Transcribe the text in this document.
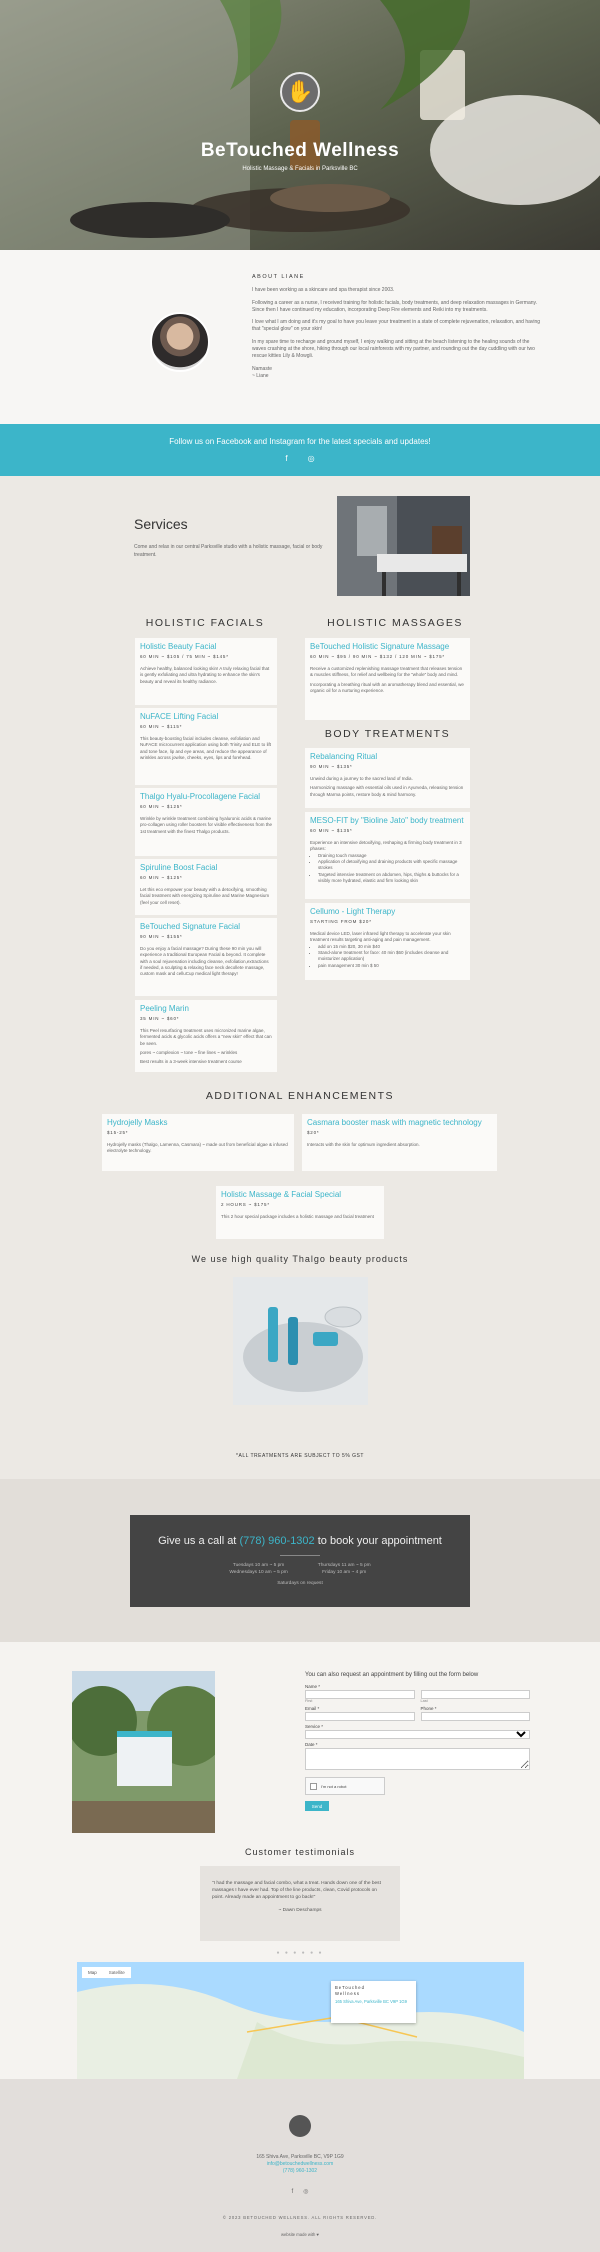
✋
BeTouched Wellness
Holistic Massage & Facials in Parksville BC
ABOUT LIANE

I have been working as a skincare and spa therapist since 2003.

Following a career as a nurse, I received training for holistic facials, body treatments, and deep relaxation massages in Germany. Since then I have continued my education, incorporating Deep Fire elements and Reiki into my treatments.

I love what I am doing and it's my goal to have you leave your treatment in a state of complete rejuvenation, relaxation, and having that "special glow" on your skin!

In my spare time to recharge and ground myself, I enjoy walking and sitting at the beach listening to the healing sounds of the waves crashing at the shore, hiking through our local rainforests with my partner, and rounding out the day cuddling with our two rescue kitties Lily & Mowgli.

Namaste
~ Liane

Follow us on Facebook and Instagram for the latest specials and updates!
f◎
Services

Come and relax in our central Parksville studio with a holistic massage, facial or body treatment.

HOLISTIC FACIALS	HOLISTIC MASSAGES
Holistic Beauty Facial
60 MIN ~ $105 / 75 MIN ~ $145*

Achieve healthy, balanced looking skin! A truly relaxing facial that is gently exfoliating and ultra hydrating to enhance the skin's beauty and reveal its healthy radiance.

NuFACE Lifting Facial
60 MIN ~ $115*

This beauty-boosting facial includes cleanse, exfoliation and NuFACE microcurrent application using both Trinity and ELE to lift and tone face, lip and eye areas, and reduce the appearance of wrinkles across jowlse, cheeks, eyes, lips and forehead.

Thalgo Hyalu-Procollagene Facial
60 MIN ~ $125*

Wrinkle by wrinkle treatment combining hyaluronic acids & marine pro-collagen using roller boosters for visible effectiveness from the 1st treatment with the finest Thalgo products.

Spiruline Boost Facial
60 MIN ~ $125*

Let this eco empower your beauty with a detoxifying, smoothing facial treatment with energizing Spiruline and Marine Magnesium (feel your cell reset).

BeTouched Signature Facial
90 MIN ~ $155*

Do you enjoy a facial massage? During these 90 min you will experience a traditional European Facial & beyond. It complete with a soul rejuvenation including cleanse, exfoliation,extractions if needed, a sculpting & relaxing face neck decollete massage, custom mask and celluCup medical light therapy!

Peeling Marin
35 MIN ~ $60*

This Peel resurfacing treatment uses micronized marine algae, fermented acids & glycolic acids offers a "new skin" effect that can be seen.

pores ~ complexion ~ tone ~ fine lines ~ wrinkles

Best results in a 3-week intensive treatment course

BeTouched Holistic Signature Massage
60 MIN ~ $95 / 90 MIN ~ $132 / 120 MIN ~ $175*

Receive a customized replenishing massage treatment that releases tension & muscles stiffness, for relief and wellbeing for the "whole" body and mind.

Incorporating a breathing ritual with an aromatherapy blend and essential, we organic oil for a nurturing experience.

BODY TREATMENTS
Rebalancing Ritual
90 MIN ~ $135*

Unwind during a journey to the sacred land of India.

Harmonizing massage with essential oils used in Ayurveda, releasing tension through Marma points, restore body & mind harmony.

MESO-FIT by "Bioline Jato" body treatment
60 MIN ~ $135*

Experience an intensive detoxifying, reshaping & firming body treatment in 3 phases:

• Draining touch massage
• Application of detoxifying and draining products with specific massage strokes
• Targeted intensive treatment on abdomen, hips, thighs & buttocks for a visibly more hydrated, elastic and firm looking skin
Cellumo - Light Therapy
STARTING FROM $20*

Medical device LED, laser infrared light therapy to accelerate your skin treatment results targeting anti-aging and pain management.

• add on 15 min $20, 30 min $40
• Stand-alone treatment for face: 40 min $60 (includes cleanse and moisturizer application)
• pain management 30 min $ 50
ADDITIONAL ENHANCEMENTS
Hydrojelly Masks
$15-25*

Hydrojelly masks (Thalgo, Lamenna, Casmara) ~ made out from beneficial algae & infused electrolyte technology.

Casmara booster mask with magnetic technology
$20*

Interacts with the skin for optimum ingredient absorption.

Holistic Massage & Facial Special
2 HOURS ~ $175*

This 2 hour special package includes a holistic massage and facial treatment

We use high quality Thalgo beauty products
*ALL TREATMENTS ARE SUBJECT TO 5% GST
Give us a call at (778) 960-1302 to book your appointment
Tuesdays 10 am ~ 5 pm
Wednesdays 10 am ~ 5 pm
Thursdays 11 am ~ 5 pm
Friday 10 am ~ 4 pm
Saturdays on request
You can also request an appointment by filling out the form below
Name *
First	Last
Email *	Phone *
Service *
Date *
I'm not a robot
Send
Customer testimonials

"I had the massage and facial combo, what a treat. Hands down one of the best massages I have ever had. Top of the line products, clean, Covid protocols on point. Already made an appointment to go back!"

~ Dawn Deschamps
● ● ● ● ● ●
Map	Satellite
BeTouched
Wellness
165 Shiva Ave, Parksville BC V9P 1G9
165 Shiva Ave, Parksville BC, V9P 1G9
info@betouchedwellness.com
(778) 960-1302
f◎
© 2023 BETOUCHED WELLNESS. ALL RIGHTS RESERVED.
website made with ♥
